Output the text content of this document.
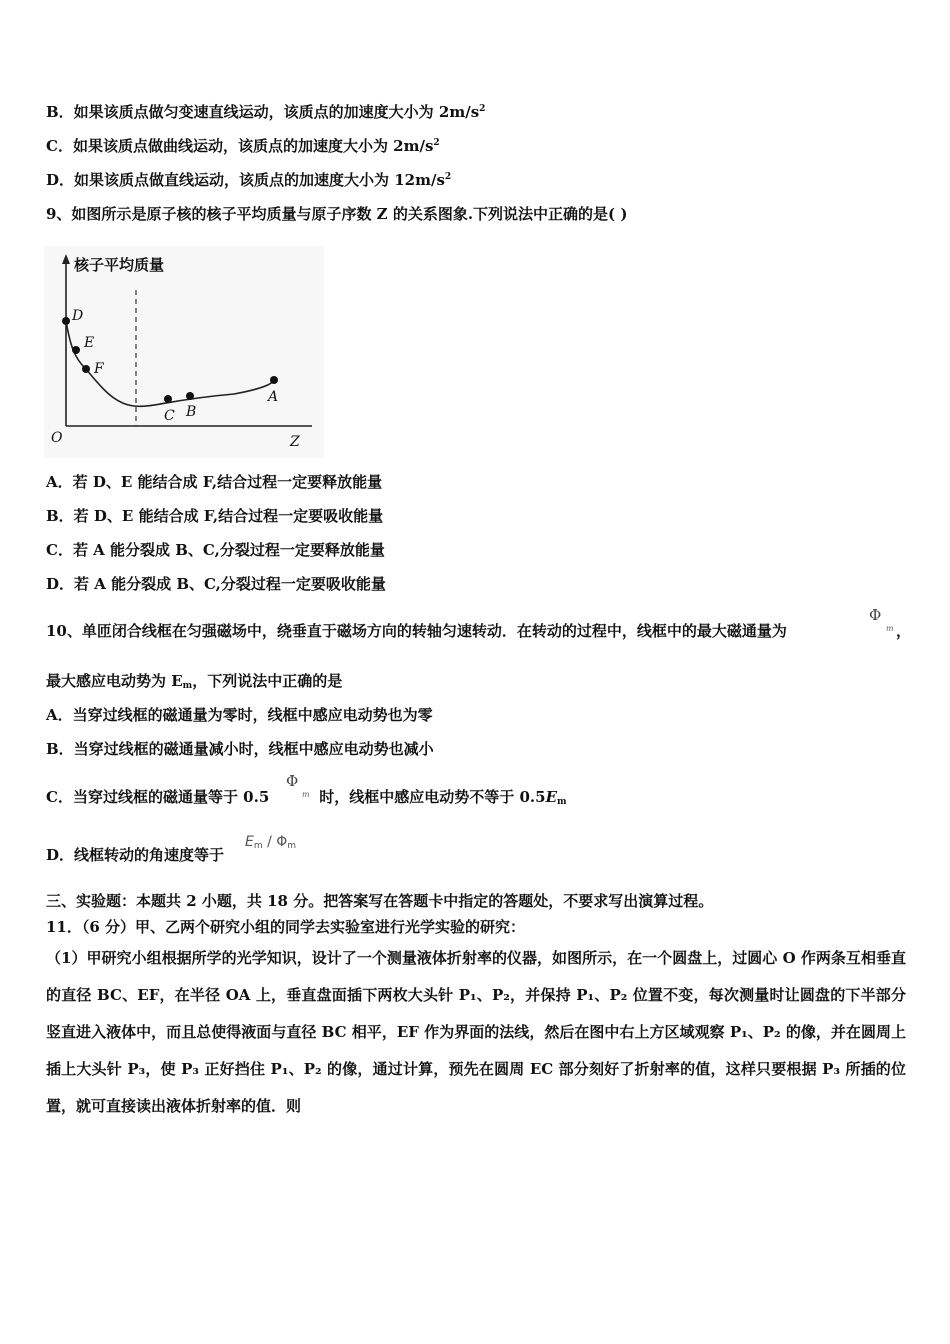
B．如果该质点做匀变速直线运动，该质点的加速度大小为 $2m/s^2$
C．如果该质点做曲线运动，该质点的加速度大小为 $2m/s^2$
D．如果该质点做直线运动，该质点的加速度大小为 $12m/s^2$
9、如图所示是原子核的核子平均质量与原子序数 Z 的关系图象.下列说法中正确的是( )
核子平均质量
D
E
F
C B
A
O	Z
A．若 D、E 能结合成 F,结合过程一定要释放能量
B．若 D、E 能结合成 F,结合过程一定要吸收能量
C．若 A 能分裂成 B、C,分裂过程一定要释放能量
D．若 A 能分裂成 B、C,分裂过程一定要吸收能量
10、单匝闭合线框在匀强磁场中，绕垂直于磁场方向的转轴匀速转动．在转动的过程中，线框中的最大磁通量为
Φ
m ，
最大感应电动势为 $E_m$，下列说法中正确的是
A．当穿过线框的磁通量为零时，线框中感应电动势也为零
B．当穿过线框的磁通量减小时，线框中感应电动势也减小
C．当穿过线框的磁通量等于 0.5	时，线框中感应电动势不等于 $0.5E_m$
Φ
m
D．线框转动的角速度等于
$E_m / \Phi_m$
三、实验题：本题共 2 小题，共 18 分。把答案写在答题卡中指定的答题处，不要求写出演算过程。
11．（6 分）甲、乙两个研究小组的同学去实验室进行光学实验的研究：
（1）甲研究小组根据所学的光学知识，设计了一个测量液体折射率的仪器，如图所示，在一个圆盘上，过圆心 O 作两条互相垂直的直径 BC、EF，在半径 OA 上，垂直盘面插下两枚大头针 P₁、P₂，并保持 P₁、P₂ 位置不变，每次测量时让圆盘的下半部分竖直进入液体中，而且总使得液面与直径 BC 相平，EF 作为界面的法线，然后在图中右上方区域观察 P₁、P₂ 的像，并在圆周上插上大头针 P₃，使 P₃ 正好挡住 P₁、P₂ 的像，通过计算，预先在圆周 EC 部分刻好了折射率的值，这样只要根据 P₃ 所插的位置，就可直接读出液体折射率的值．则
